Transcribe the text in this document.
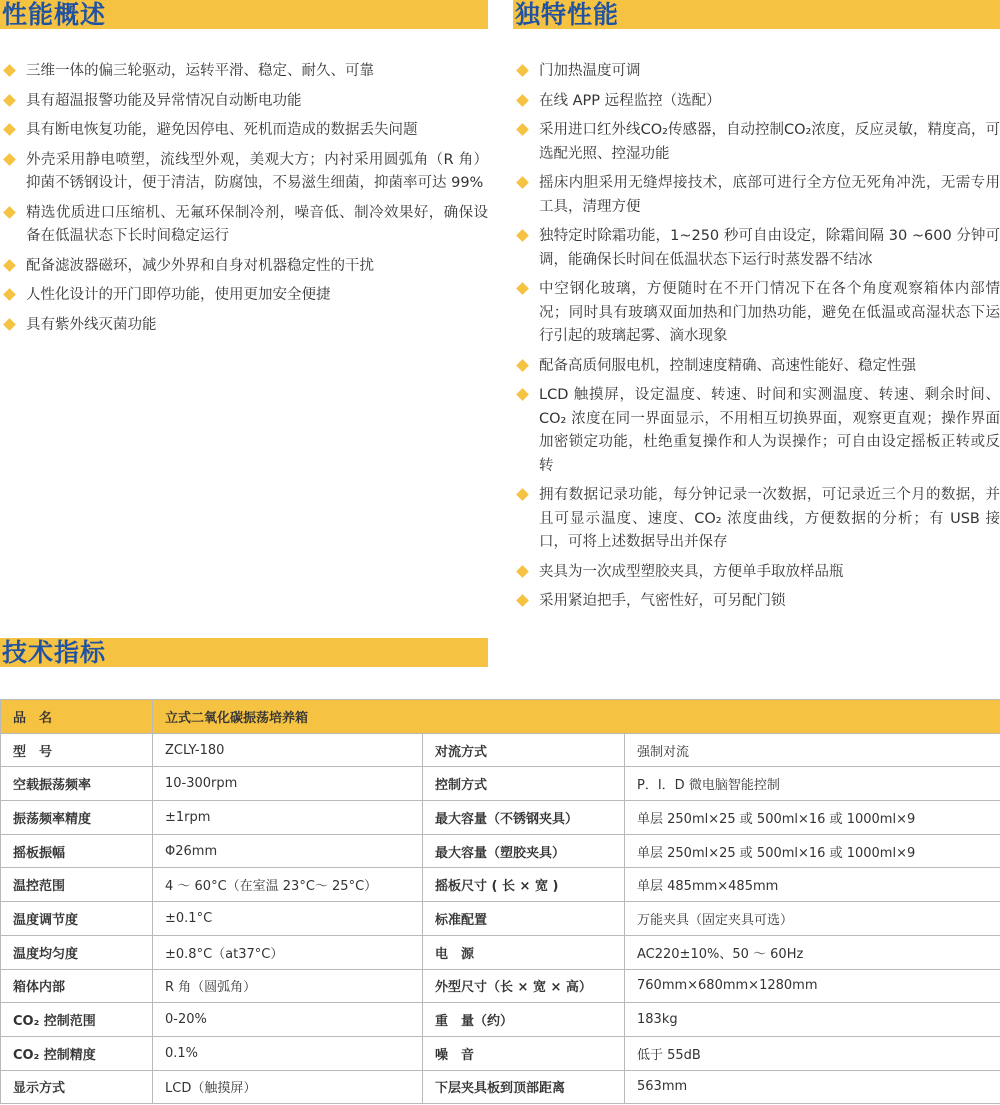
性能概述	独特性能
三维一体的偏三轮驱动，运转平滑、稳定、耐久、可靠
具有超温报警功能及异常情况自动断电功能
具有断电恢复功能，避免因停电、死机而造成的数据丢失问题
外壳采用静电喷塑，流线型外观，美观大方；内衬采用圆弧角（R 角）抑菌不锈钢设计，便于清洁，防腐蚀，不易滋生细菌，抑菌率可达 99%
精选优质进口压缩机、无氟环保制冷剂，噪音低、制冷效果好，确保设备在低温状态下长时间稳定运行
配备滤波器磁环，减少外界和自身对机器稳定性的干扰
人性化设计的开门即停功能，使用更加安全便捷
具有紫外线灭菌功能
门加热温度可调
在线 APP 远程监控（选配）
采用进口红外线CO₂传感器，自动控制CO₂浓度，反应灵敏，精度高，可选配光照、控湿功能
摇床内胆采用无缝焊接技术，底部可进行全方位无死角冲洗，无需专用工具，清理方便
独特定时除霜功能，1~250 秒可自由设定，除霜间隔 30 ~600 分钟可调，能确保长时间在低温状态下运行时蒸发器不结冰
中空钢化玻璃，方便随时在不开门情况下在各个角度观察箱体内部情况；同时具有玻璃双面加热和门加热功能，避免在低温或高湿状态下运行引起的玻璃起雾、滴水现象
配备高质伺服电机，控制速度精确、高速性能好、稳定性强
LCD 触摸屏，设定温度、转速、时间和实测温度、转速、剩余时间、CO₂ 浓度在同一界面显示，不用相互切换界面，观察更直观；操作界面加密锁定功能，杜绝重复操作和人为误操作；可自由设定摇板正转或反转
拥有数据记录功能，每分钟记录一次数据，可记录近三个月的数据，并且可显示温度、速度、CO₂ 浓度曲线，方便数据的分析；有 USB 接口，可将上述数据导出并保存
夹具为一次成型塑胶夹具，方便单手取放样品瓶
采用紧迫把手，气密性好，可另配门锁
技术指标
品　名	立式二氧化碳振荡培养箱		
型　号	ZCLY-180	对流方式	强制对流
空载振荡频率	10-300rpm	控制方式	P．I．D 微电脑智能控制
振荡频率精度	±1rpm	最大容量（不锈钢夹具）	单层 250ml×25 或 500ml×16 或 1000ml×9
摇板振幅	Φ26mm	最大容量（塑胶夹具）	单层 250ml×25 或 500ml×16 或 1000ml×9
温控范围	4 ～ 60°C（在室温 23°C～ 25°C）	摇板尺寸 ( 长 × 宽 )	单层 485mm×485mm
温度调节度	±0.1°C	标准配置	万能夹具（固定夹具可选）
温度均匀度	±0.8°C（at37°C）	电　源	AC220±10%、50 ～ 60Hz
箱体内部	R 角（圆弧角）	外型尺寸（长 × 宽 × 高）	760mm×680mm×1280mm
CO₂ 控制范围	0-20%	重　量（约）	183kg
CO₂ 控制精度	0.1%	噪　音	低于 55dB
显示方式	LCD（触摸屏）	下层夹具板到顶部距离	563mm
